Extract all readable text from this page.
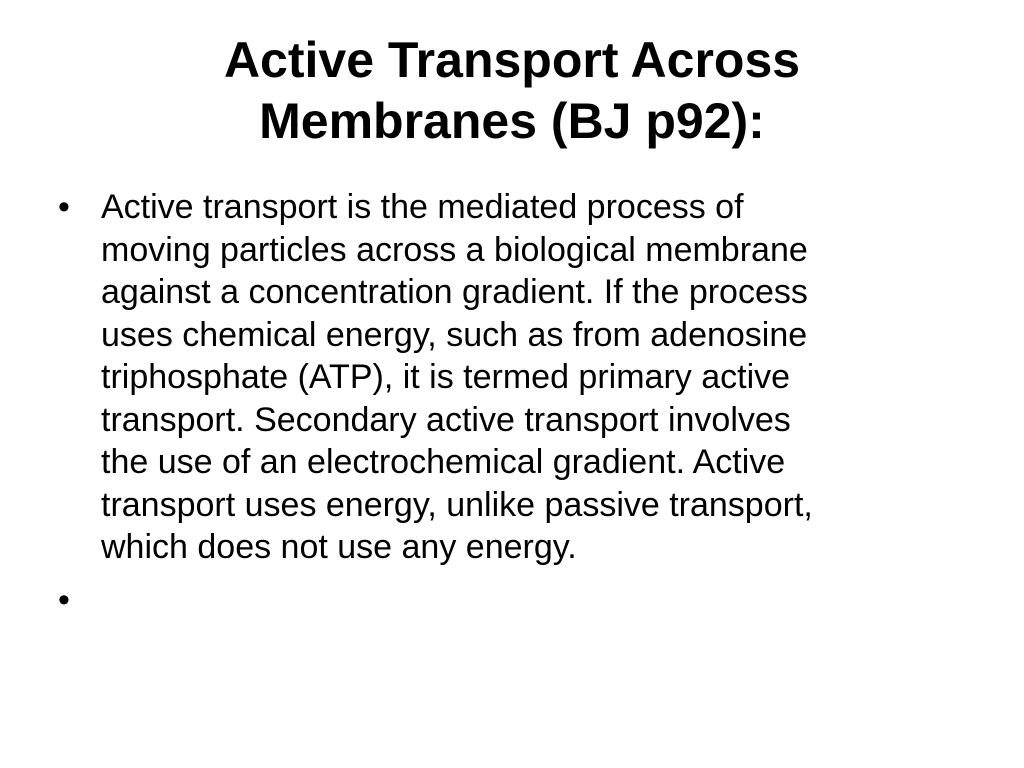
Active Transport Across
Membranes (BJ p92):
• Active transport is the mediated process of
moving particles across a biological membrane
against a concentration gradient. If the process
uses chemical energy, such as from adenosine
triphosphate (ATP), it is termed primary active
transport. Secondary active transport involves
the use of an electrochemical gradient. Active
transport uses energy, unlike passive transport,
which does not use any energy.
•
